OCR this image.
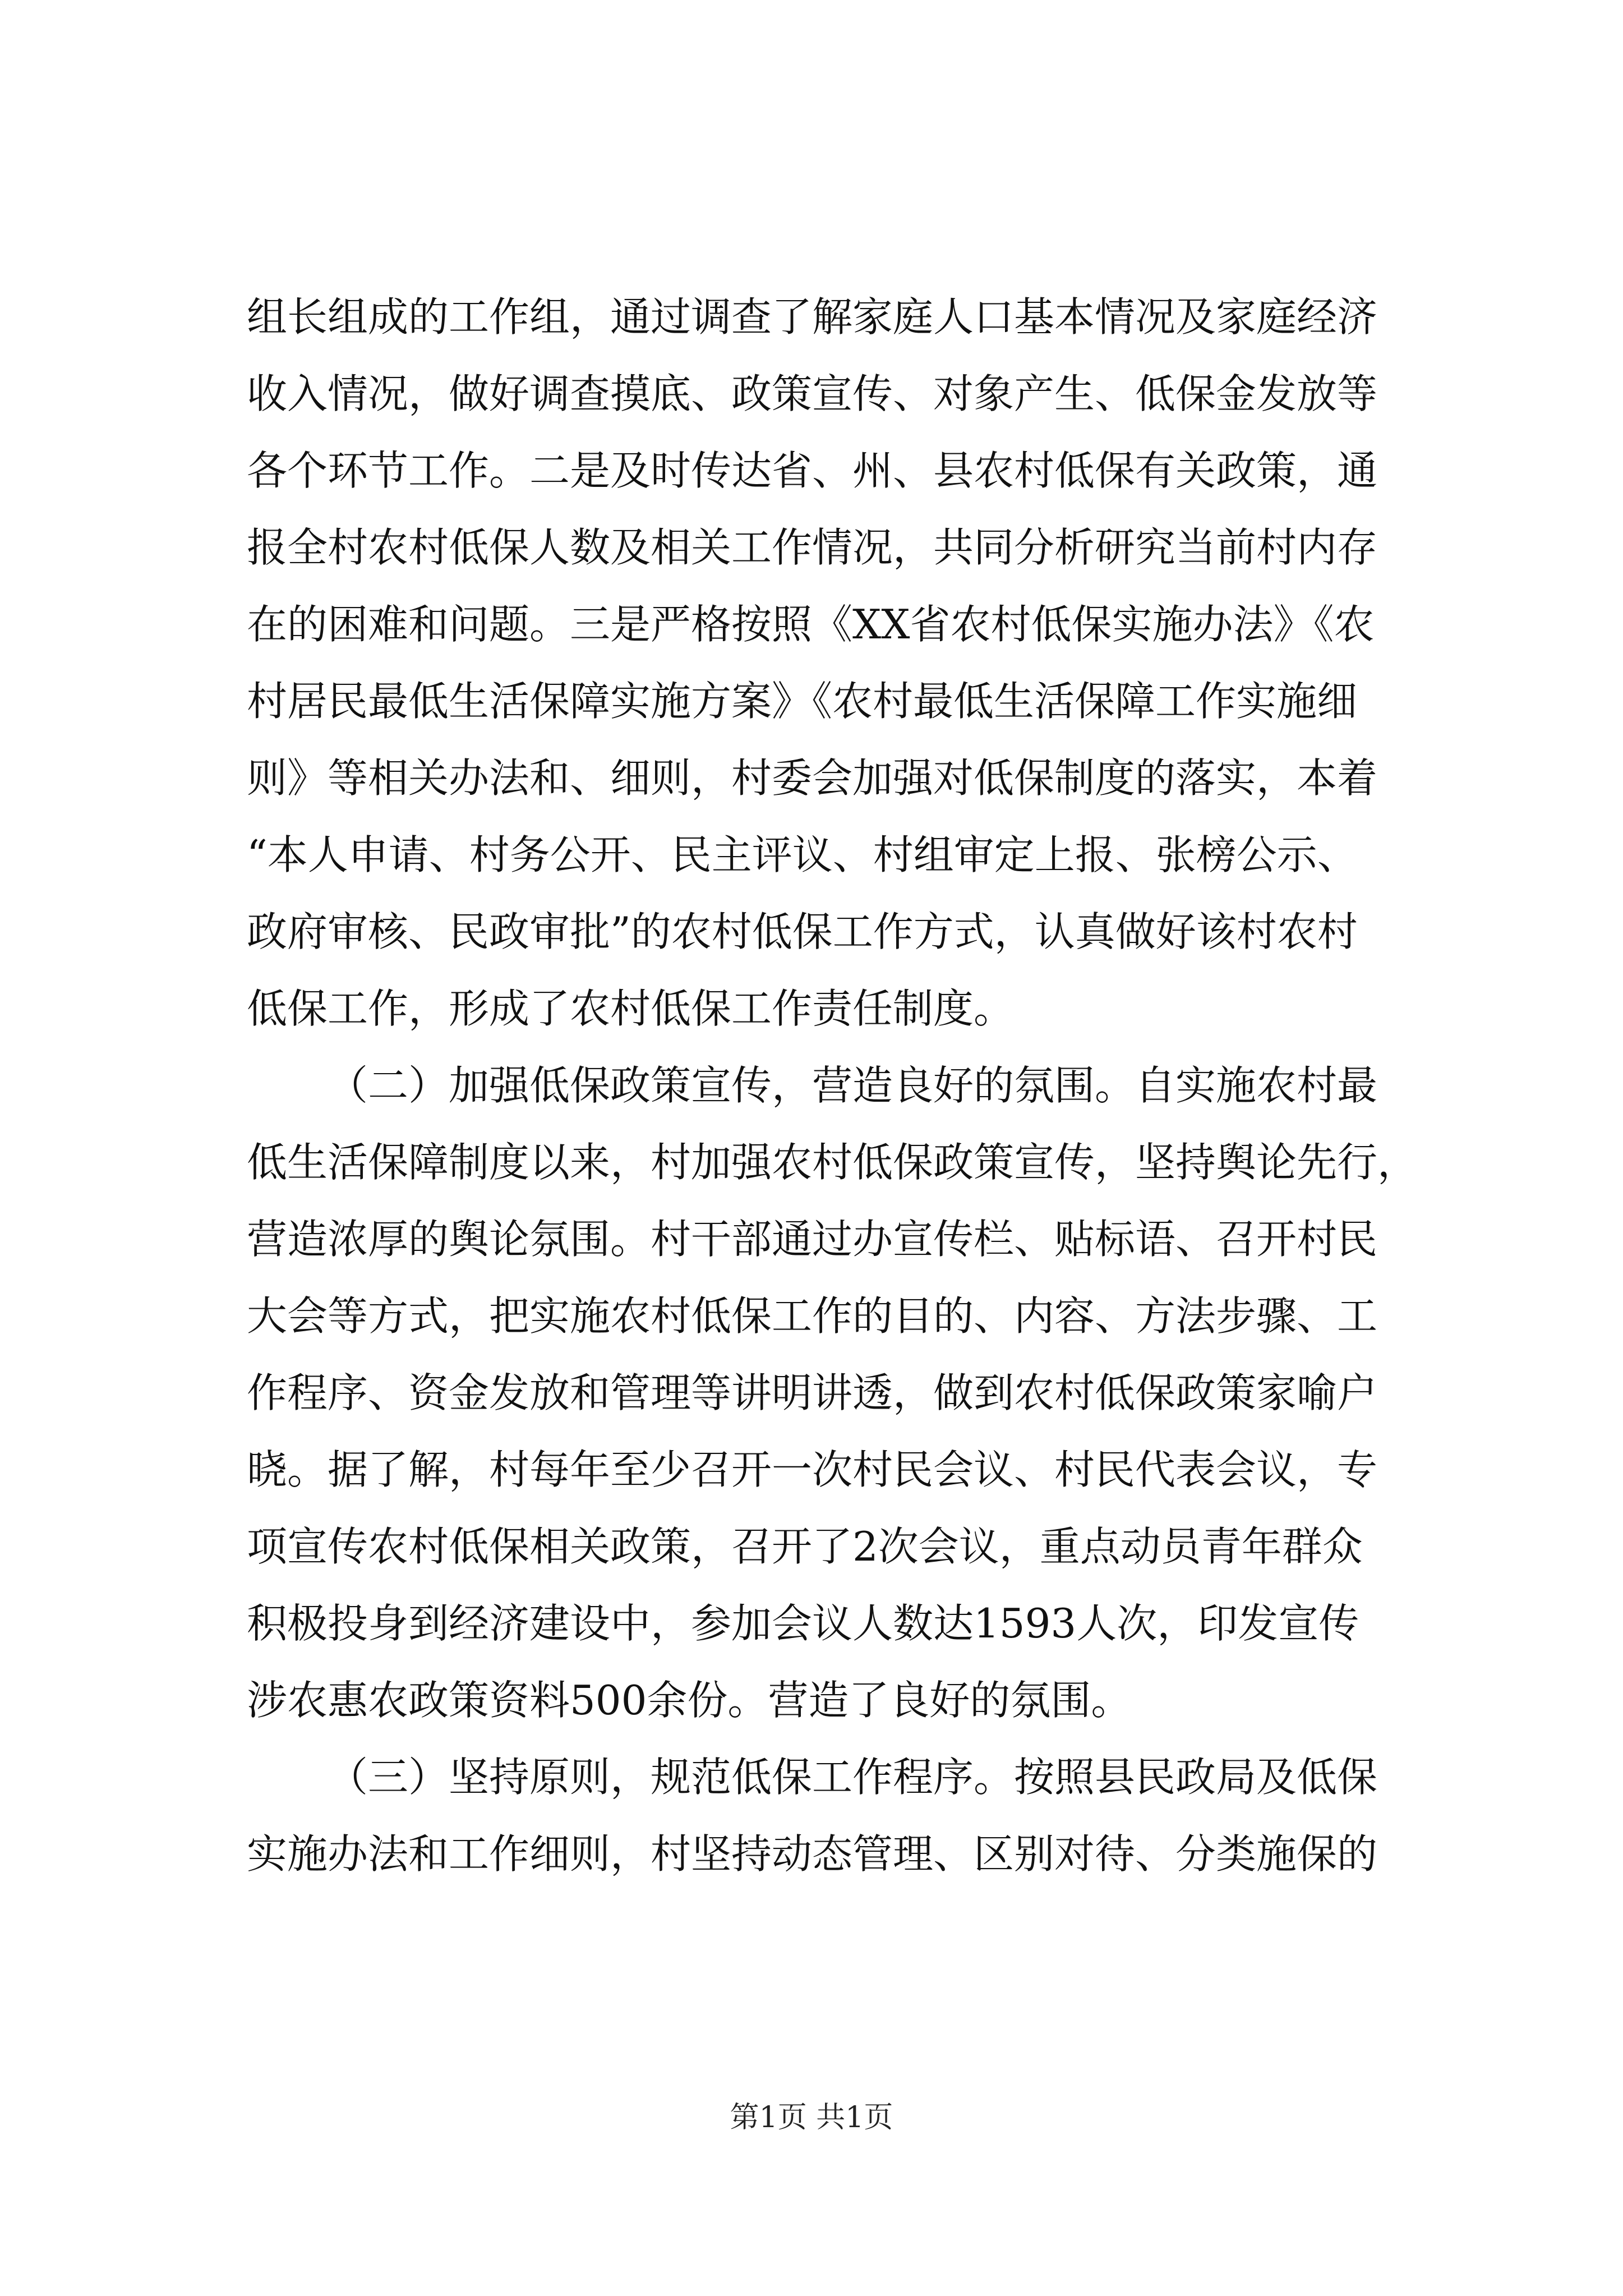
组长组成的工作组，通过调查了解家庭人口基本情况及家庭经济
收入情况，做好调查摸底、政策宣传、对象产生、低保金发放等
各个环节工作。二是及时传达省、州、县农村低保有关政策，通
报全村农村低保人数及相关工作情况，共同分析研究当前村内存
在的困难和问题。三是严格按照《XX省农村低保实施办法》《农
村居民最低生活保障实施方案》《农村最低生活保障工作实施细
则》等相关办法和、细则，村委会加强对低保制度的落实，本着
“本人申请、村务公开、民主评议、村组审定上报、张榜公示、
政府审核、民政审批”的农村低保工作方式，认真做好该村农村
低保工作，形成了农村低保工作责任制度。
（二）加强低保政策宣传，营造良好的氛围。自实施农村最
低生活保障制度以来，村加强农村低保政策宣传，坚持舆论先行，
营造浓厚的舆论氛围。村干部通过办宣传栏、贴标语、召开村民
大会等方式，把实施农村低保工作的目的、内容、方法步骤、工
作程序、资金发放和管理等讲明讲透，做到农村低保政策家喻户
晓。据了解，村每年至少召开一次村民会议、村民代表会议，专
项宣传农村低保相关政策，召开了2次会议，重点动员青年群众
积极投身到经济建设中，参加会议人数达1593人次，印发宣传
涉农惠农政策资料500余份。营造了良好的氛围。
（三）坚持原则，规范低保工作程序。按照县民政局及低保
实施办法和工作细则，村坚持动态管理、区别对待、分类施保的
第1页 共1页
